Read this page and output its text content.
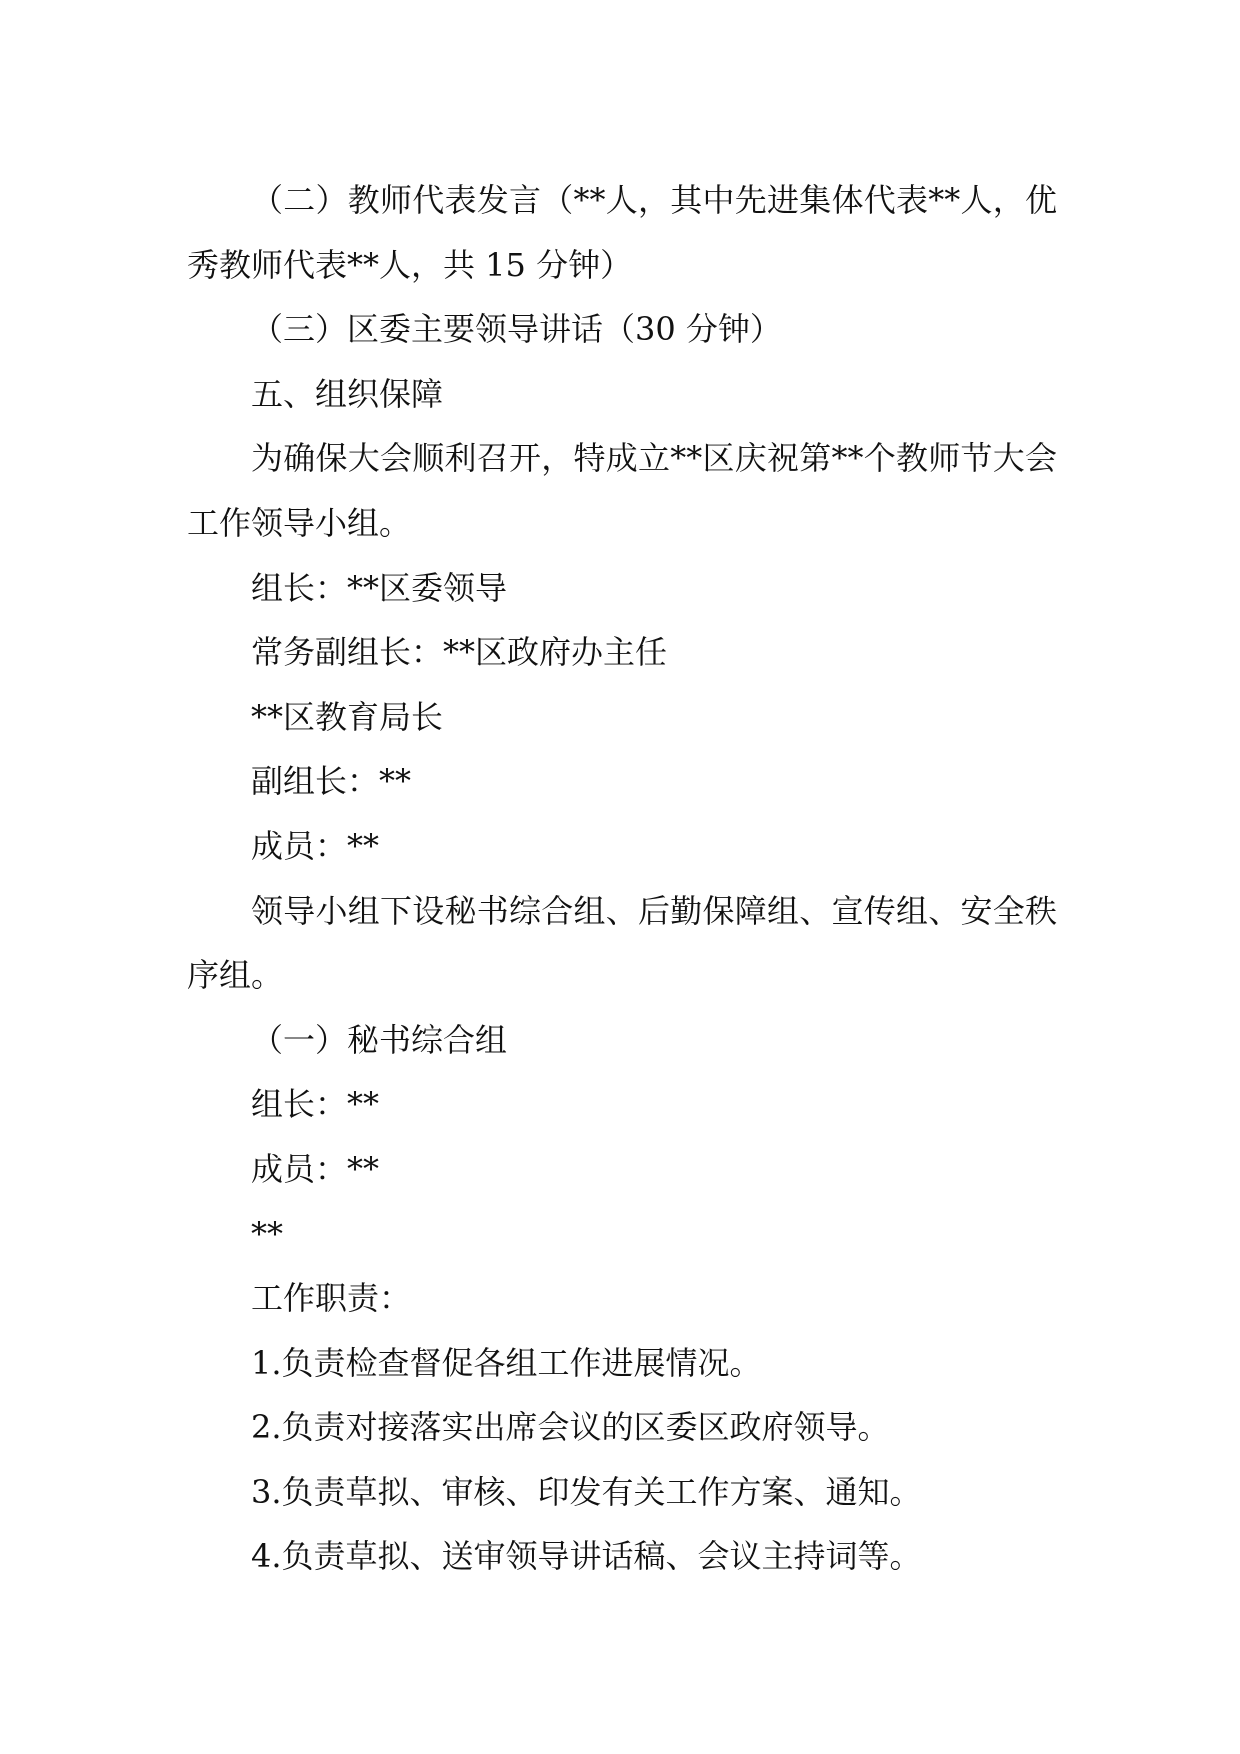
（二）教师代表发言（**人，其中先进集体代表**人，优
秀教师代表**人，共 15 分钟）
（三）区委主要领导讲话（30 分钟）
五、组织保障
为确保大会顺利召开，特成立**区庆祝第**个教师节大会
工作领导小组。
组长：**区委领导
常务副组长：**区政府办主任
**区教育局长
副组长：**
成员：**
领导小组下设秘书综合组、后勤保障组、宣传组、安全秩
序组。
（一）秘书综合组
组长：**
成员：**
**
工作职责：
1.负责检查督促各组工作进展情况。
2.负责对接落实出席会议的区委区政府领导。
3.负责草拟、审核、印发有关工作方案、通知。
4.负责草拟、送审领导讲话稿、会议主持词等。
